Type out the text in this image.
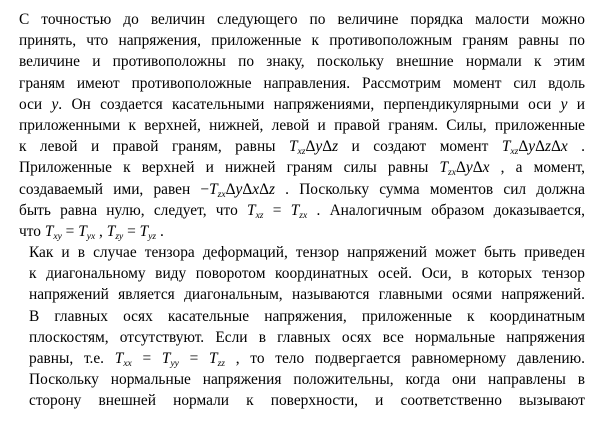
С точностью до величин следующего по величине порядка малости можно
принять, что напряжения, приложенные к противоположным граням равны по
величине и противоположны по знаку, поскольку внешние нормали к этим
граням имеют противоположные направления. Рассмотрим момент сил вдоль
оси y. Он создается касательными напряжениями, перпендикулярными оси y и
приложенными к верхней, нижней, левой и правой граням. Силы, приложенные
к левой и правой граням, равны $T_{xz}\Delta y\Delta z$ и создают момент $T_{xz}\Delta y\Delta z\Delta x$ .
Приложенные к верхней и нижней граням силы равны $T_{zx}\Delta y\Delta x$ , а момент,
создаваемый ими, равен $-T_{zx}\Delta y\Delta x\Delta z$ . Поскольку сумма моментов сил должна
быть равна нулю, следует, что $T_{xz} = T_{zx}$ . Аналогичным образом доказывается,
что $T_{xy} = T_{yx}$ , $T_{zy} = T_{yz}$ .
Как и в случае тензора деформаций, тензор напряжений может быть приведен
к диагональному виду поворотом координатных осей. Оси, в которых тензор
напряжений является диагональным, называются главными осями напряжений.
В главных осях касательные напряжения, приложенные к координатным
плоскостям, отсутствуют. Если в главных осях все нормальные напряжения
равны, т.е. $T_{xx} = T_{yy} = T_{zz}$ , то тело подвергается равномерному давлению.
Поскольку нормальные напряжения положительны, когда они направлены в
сторону внешней нормали к поверхности, и соответственно вызывают
